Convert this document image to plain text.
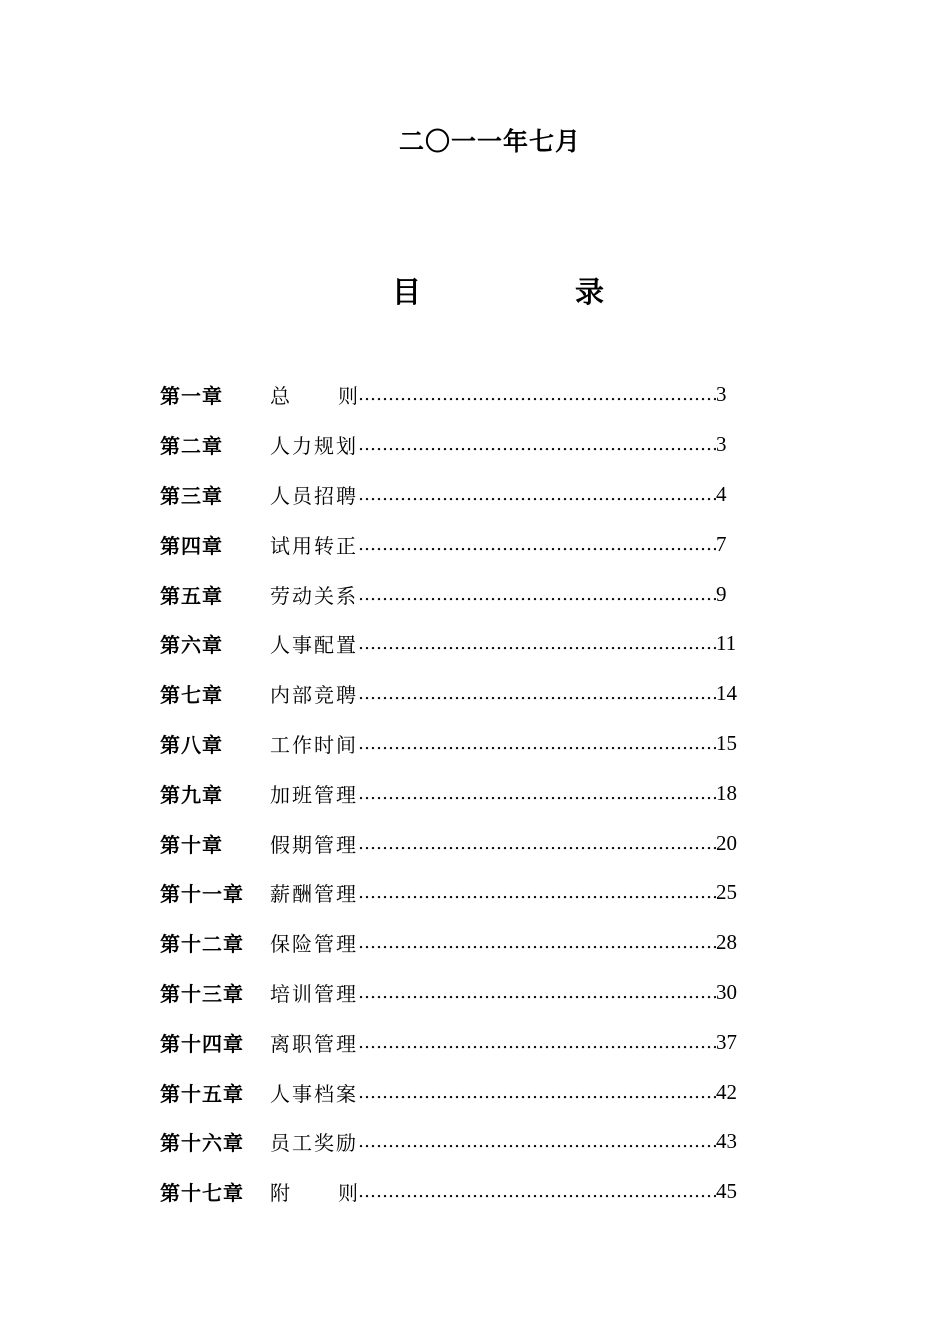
二〇一一年七月
目	录
第一章	总 则 ………………………………………………………………………………………………	3
第二章	人力规划 ………………………………………………………………………………………………	3
第三章	人员招聘 ………………………………………………………………………………………………	4
第四章	试用转正 ………………………………………………………………………………………………	7
第五章	劳动关系 ………………………………………………………………………………………………	9
第六章	人事配置 ………………………………………………………………………………………………	11
第七章	内部竞聘 ………………………………………………………………………………………………	14
第八章	工作时间 ………………………………………………………………………………………………	15
第九章	加班管理 ………………………………………………………………………………………………	18
第十章	假期管理 ………………………………………………………………………………………………	20
第十一章	薪酬管理 ………………………………………………………………………………………………	25
第十二章	保险管理 ………………………………………………………………………………………………	28
第十三章	培训管理 ………………………………………………………………………………………………	30
第十四章	离职管理 ………………………………………………………………………………………………	37
第十五章	人事档案 ………………………………………………………………………………………………	42
第十六章	员工奖励 ………………………………………………………………………………………………	43
第十七章	附 则 ………………………………………………………………………………………………	45
